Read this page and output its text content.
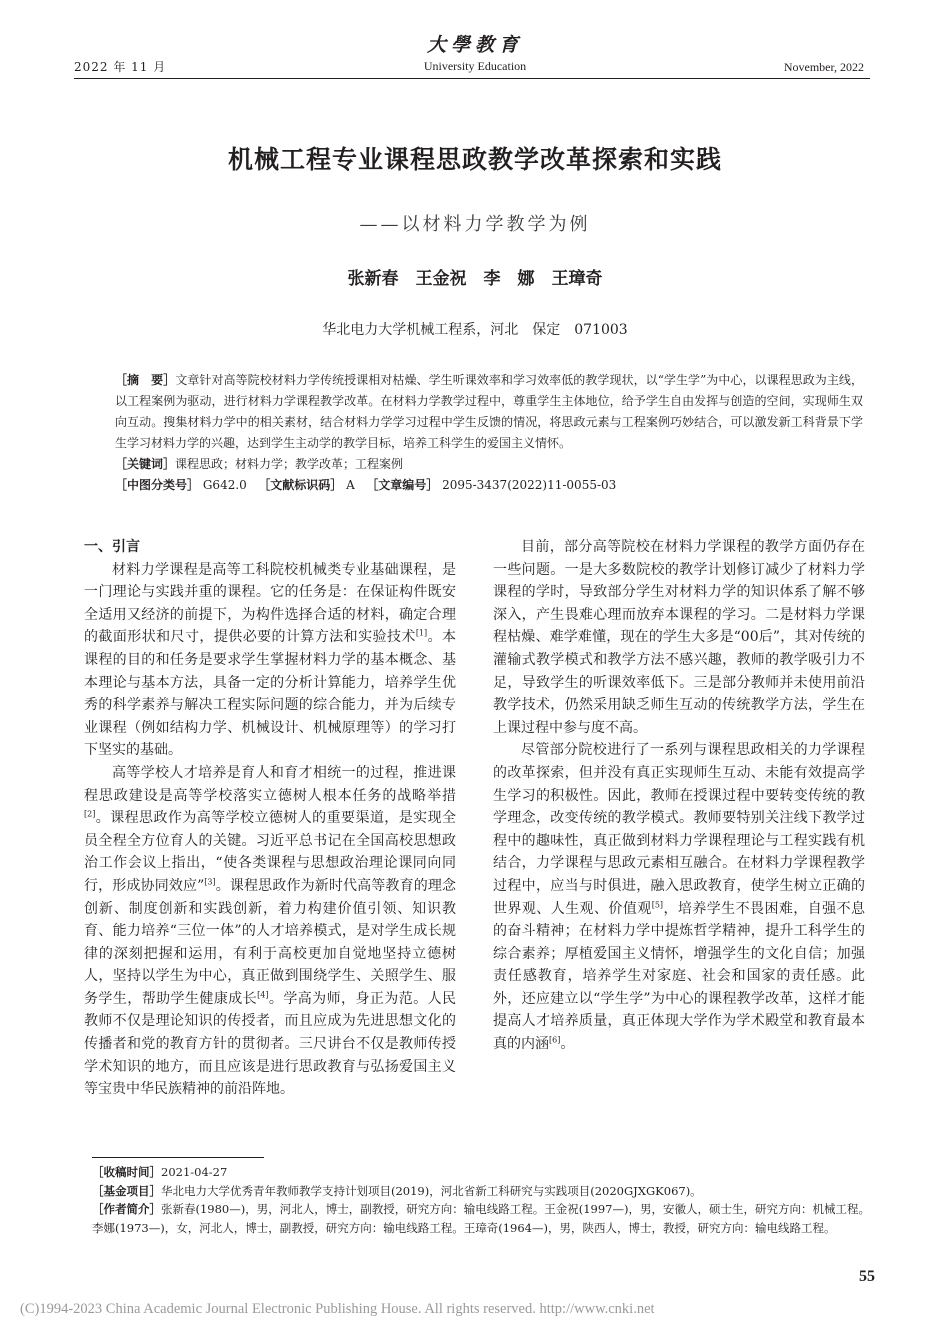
2022 年 11 月
大學教育
University Education	November, 2022
机械工程专业课程思政教学改革探索和实践
——以材料力学教学为例
张新春　王金祝　李　娜　王璋奇
华北电力大学机械工程系，河北　保定　071003

［摘　要］文章针对高等院校材料力学传统授课相对枯燥、学生听课效率和学习效率低的教学现状，以“学生学”为中心，以课程思政为主线，以工程案例为驱动，进行材料力学课程教学改革。在材料力学教学过程中，尊重学生主体地位，给予学生自由发挥与创造的空间，实现师生双向互动。搜集材料力学中的相关素材，结合材料力学学习过程中学生反馈的情况，将思政元素与工程案例巧妙结合，可以激发新工科背景下学生学习材料力学的兴趣，达到学生主动学的教学目标，培养工科学生的爱国主义情怀。

［关键词］课程思政；材料力学；教学改革；工程案例

［中图分类号］ G642.0 ［文献标识码］ A ［文章编号］ 2095-3437(2022)11-0055-03

一、引言

材料力学课程是高等工科院校机械类专业基础课程，是一门理论与实践并重的课程。它的任务是：在保证构件既安全适用又经济的前提下，为构件选择合适的材料，确定合理的截面形状和尺寸，提供必要的计算方法和实验技术[1]。本课程的目的和任务是要求学生掌握材料力学的基本概念、基本理论与基本方法，具备一定的分析计算能力，培养学生优秀的科学素养与解决工程实际问题的综合能力，并为后续专业课程（例如结构力学、机械设计、机械原理等）的学习打下坚实的基础。

高等学校人才培养是育人和育才相统一的过程，推进课程思政建设是高等学校落实立德树人根本任务的战略举措[2]。课程思政作为高等学校立德树人的重要渠道，是实现全员全程全方位育人的关键。习近平总书记在全国高校思想政治工作会议上指出，“使各类课程与思想政治理论课同向同行，形成协同效应”[3]。课程思政作为新时代高等教育的理念创新、制度创新和实践创新，着力构建价值引领、知识教育、能力培养“三位一体”的人才培养模式，是对学生成长规律的深刻把握和运用，有利于高校更加自觉地坚持立德树人，坚持以学生为中心，真正做到围绕学生、关照学生、服务学生，帮助学生健康成长[4]。学高为师，身正为范。人民教师不仅是理论知识的传授者，而且应成为先进思想文化的传播者和党的教育方针的贯彻者。三尺讲台不仅是教师传授学术知识的地方，而且应该是进行思政教育与弘扬爱国主义等宝贵中华民族精神的前沿阵地。

目前，部分高等院校在材料力学课程的教学方面仍存在一些问题。一是大多数院校的教学计划修订减少了材料力学课程的学时，导致部分学生对材料力学的知识体系了解不够深入，产生畏难心理而放弃本课程的学习。二是材料力学课程枯燥、难学难懂，现在的学生大多是“00后”，其对传统的灌输式教学模式和教学方法不感兴趣，教师的教学吸引力不足，导致学生的听课效率低下。三是部分教师并未使用前沿教学技术，仍然采用缺乏师生互动的传统教学方法，学生在上课过程中参与度不高。

尽管部分院校进行了一系列与课程思政相关的力学课程的改革探索，但并没有真正实现师生互动、未能有效提高学生学习的积极性。因此，教师在授课过程中要转变传统的教学理念，改变传统的教学模式。教师要特别关注线下教学过程中的趣味性，真正做到材料力学课程理论与工程实践有机结合，力学课程与思政元素相互融合。在材料力学课程教学过程中，应当与时俱进，融入思政教育，使学生树立正确的世界观、人生观、价值观[5]，培养学生不畏困难，自强不息的奋斗精神；在材料力学中提炼哲学精神，提升工科学生的综合素养；厚植爱国主义情怀，增强学生的文化自信；加强责任感教育，培养学生对家庭、社会和国家的责任感。此外，还应建立以“学生学”为中心的课程教学改革，这样才能提高人才培养质量，真正体现大学作为学术殿堂和教育最本真的内涵[6]。

［收稿时间］2021-04-27

［基金项目］华北电力大学优秀青年教师教学支持计划项目(2019)，河北省新工科研究与实践项目(2020GJXGK067)。

［作者简介］张新春(1980—)，男，河北人，博士，副教授，研究方向：输电线路工程。王金祝(1997—)，男，安徽人，硕士生，研究方向：机械工程。李娜(1973—)，女，河北人，博士，副教授，研究方向：输电线路工程。王璋奇(1964—)，男，陕西人，博士，教授，研究方向：输电线路工程。

55
(C)1994-2023 China Academic Journal Electronic Publishing House. All rights reserved. http://www.cnki.net
